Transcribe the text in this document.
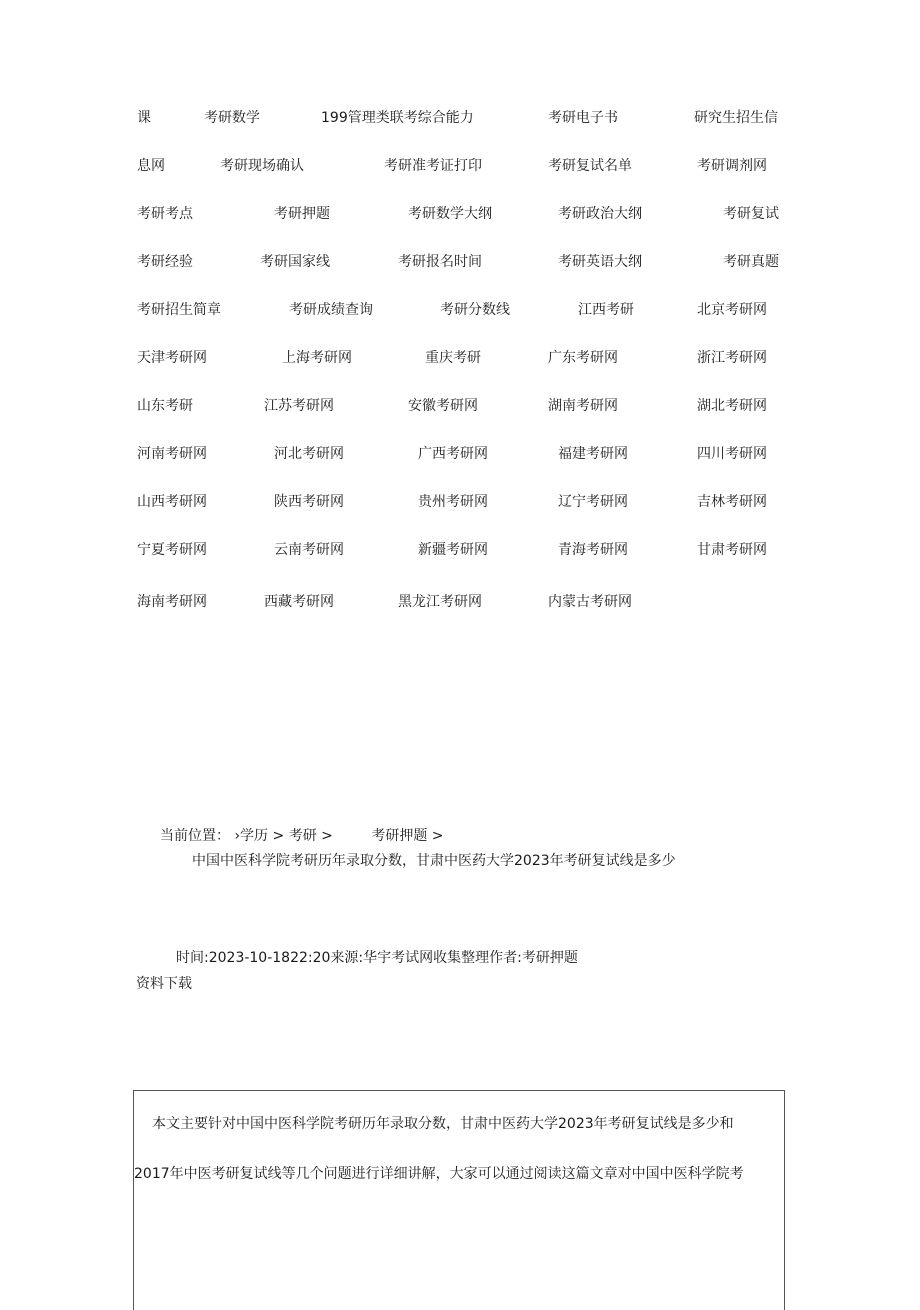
课	考研数学	199管理类联考综合能力	考研电子书	研究生招生信
息网	考研现场确认	考研准考证打印	考研复试名单	考研调剂网
考研考点	考研押题	考研数学大纲	考研政治大纲	考研复试
考研经验	考研国家线	考研报名时间	考研英语大纲	考研真题
考研招生简章	考研成绩查询	考研分数线	江西考研	北京考研网
天津考研网	上海考研网	重庆考研	广东考研网	浙江考研网
山东考研	江苏考研网	安徽考研网	湖南考研网	湖北考研网
河南考研网	河北考研网	广西考研网	福建考研网	四川考研网
山西考研网	陕西考研网	贵州考研网	辽宁考研网	吉林考研网
宁夏考研网	云南考研网	新疆考研网	青海考研网	甘肃考研网
海南考研网	西藏考研网	黑龙江考研网	内蒙古考研网
当前位置： ›学历 > 考研 >	考研押题 >
中国中医科学院考研历年录取分数，甘肃中医药大学2023年考研复试线是多少
时间:2023-10-1822:20来源:华宇考试网收集整理作者:考研押题
资料下载
本文主要针对中国中医科学院考研历年录取分数，甘肃中医药大学2023年考研复试线是多少和
2017年中医考研复试线等几个问题进行详细讲解，大家可以通过阅读这篇文章对中国中医科学院考
